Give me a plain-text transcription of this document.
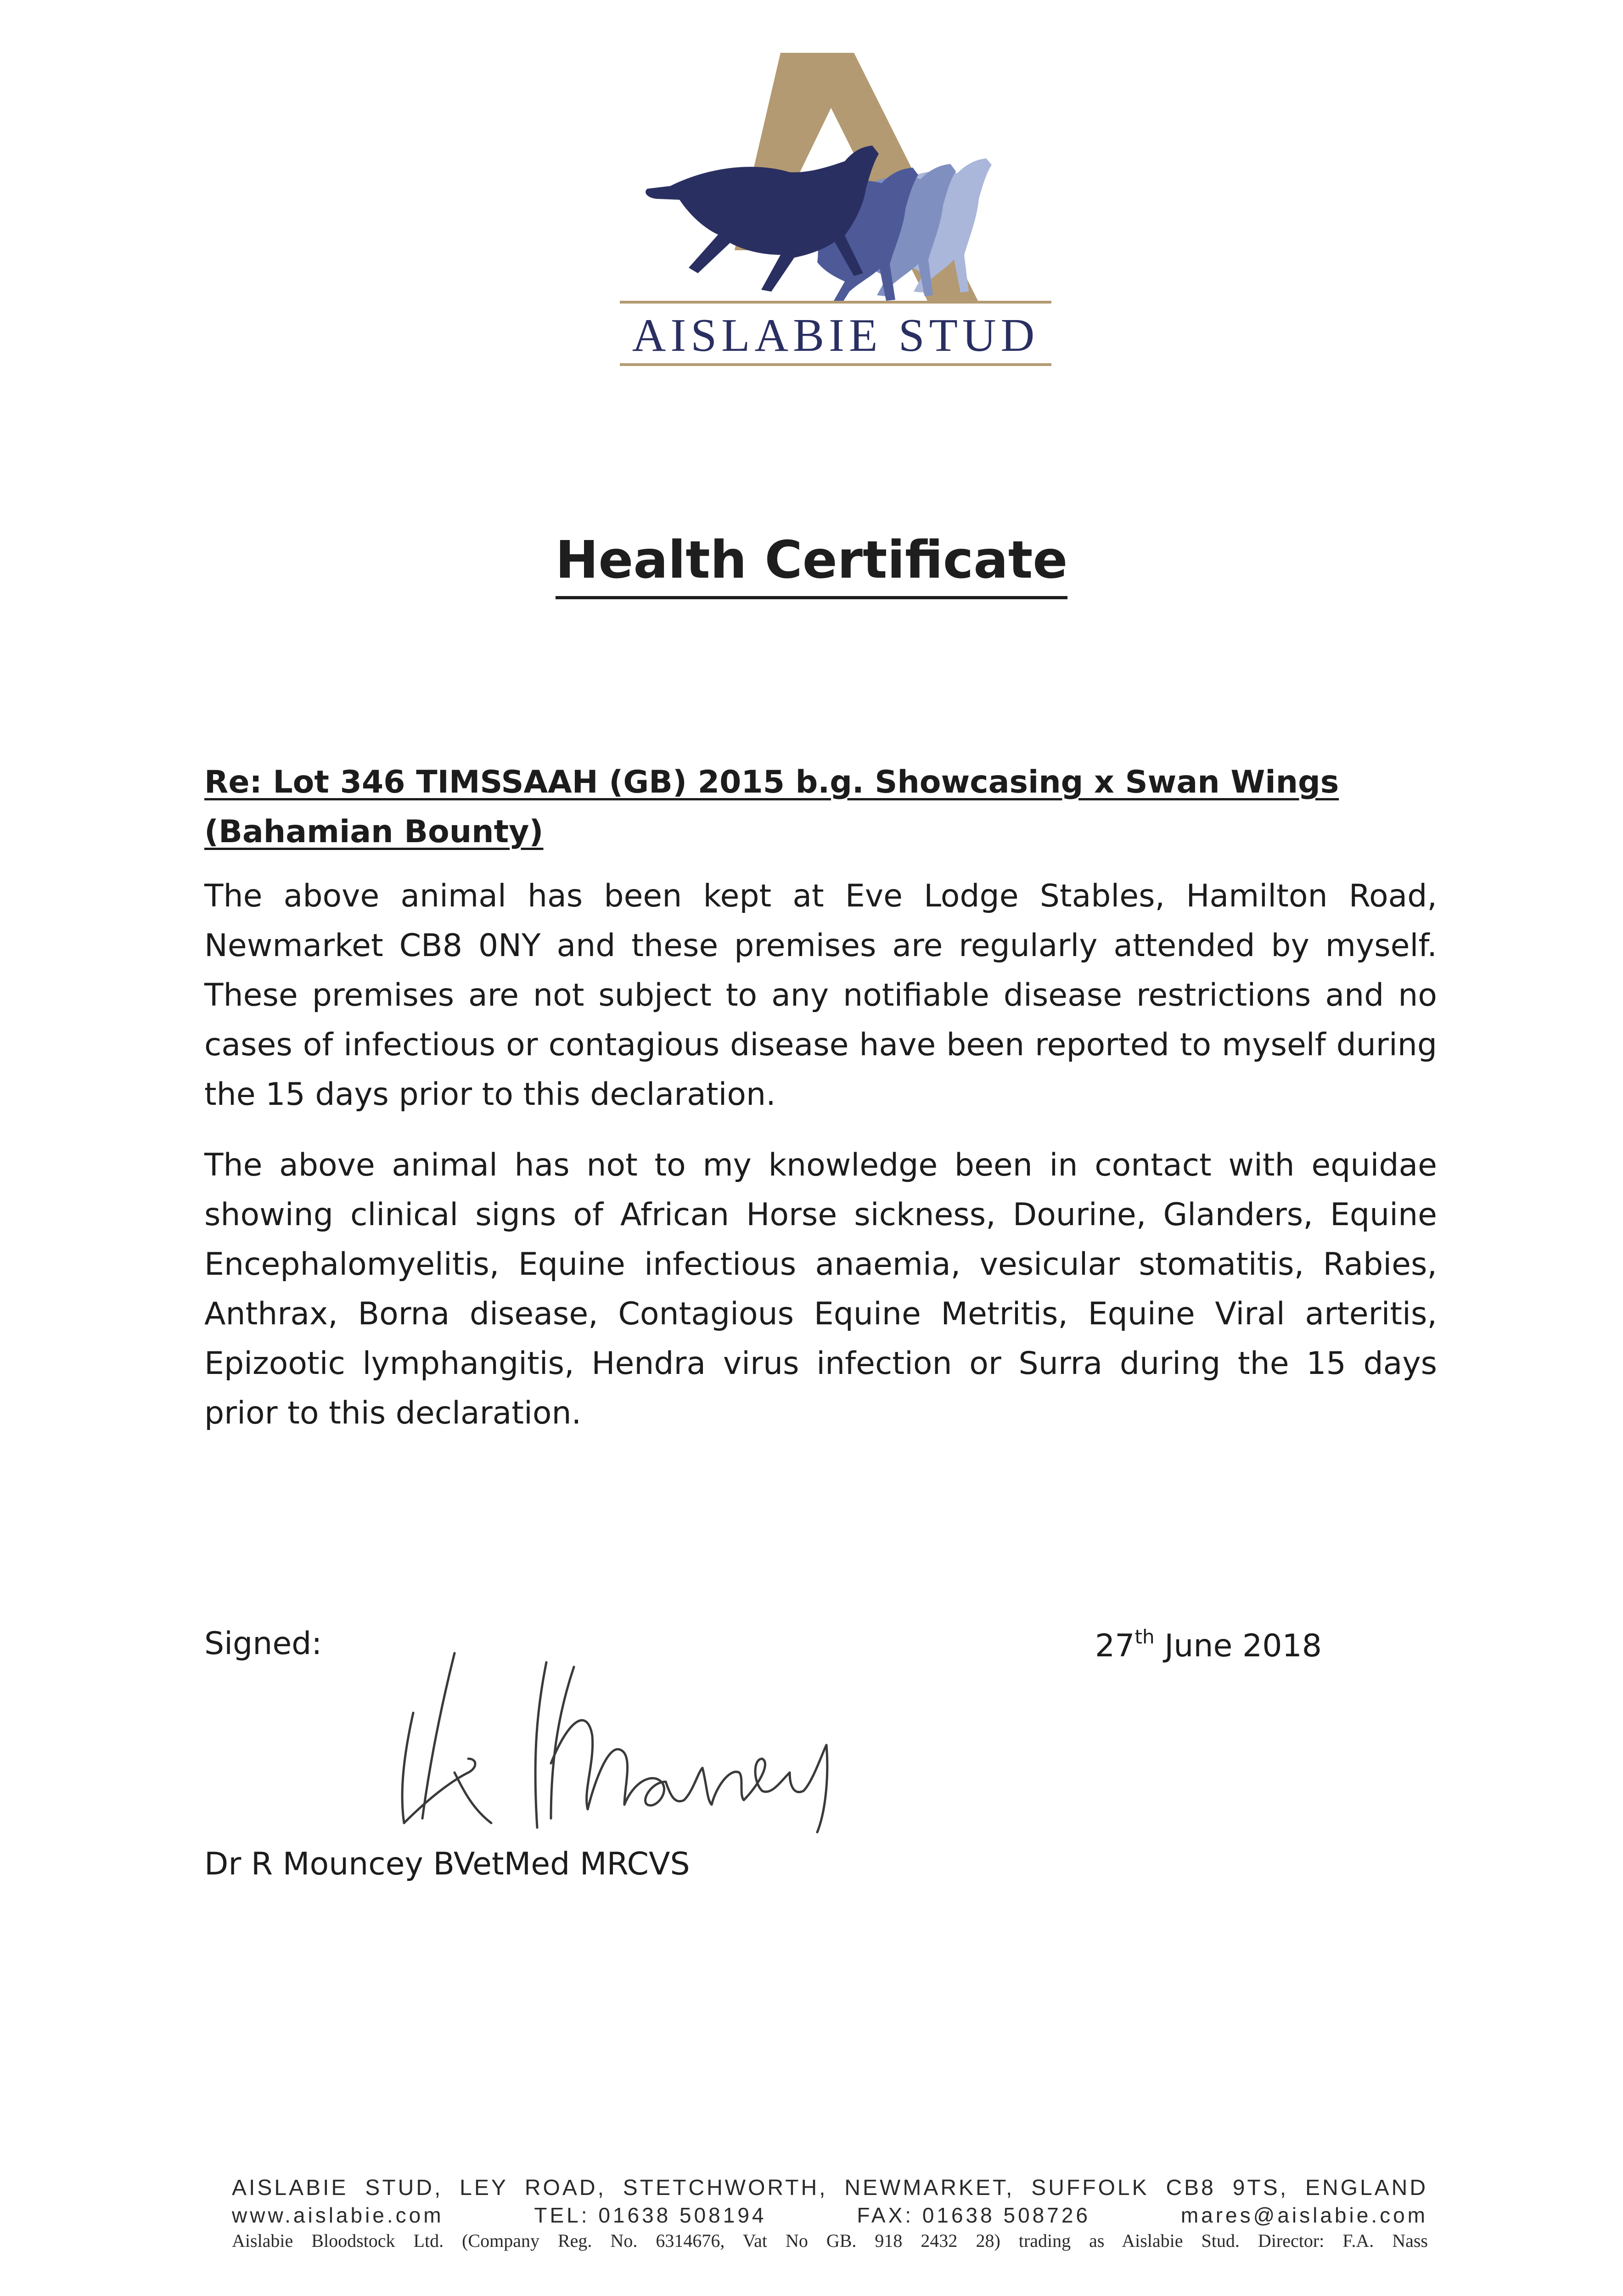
AISLABIE STUD
Health Certificate

Re: Lot 346 TIMSSAAH (GB) 2015 b.g. Showcasing x Swan Wings (Bahamian Bounty)

The above animal has been kept at Eve Lodge Stables, Hamilton Road, Newmarket CB8 0NY and these premises are regularly attended by myself. These premises are not subject to any notifiable disease restrictions and no cases of infectious or contagious disease have been reported to myself during the 15 days prior to this declaration.

The above animal has not to my knowledge been in contact with equidae showing clinical signs of African Horse sickness, Dourine, Glanders, Equine Encephalomyelitis, Equine infectious anaemia, vesicular stomatitis, Rabies, Anthrax, Borna disease, Contagious Equine Metritis, Equine Viral arteritis, Epizootic lymphangitis, Hendra virus infection or Surra during the 15 days prior to this declaration.

Signed:	27th June 2018
Dr R Mouncey BVetMed MRCVS
AISLABIE STUD, LEY ROAD, STETCHWORTH, NEWMARKET, SUFFOLK CB8 9TS, ENGLAND
www.aislabie.com	TEL: 01638 508194	FAX: 01638 508726	mares@aislabie.com
Aislabie Bloodstock Ltd. (Company Reg. No. 6314676, Vat No GB. 918 2432 28) trading as Aislabie Stud. Director: F.A. Nass
